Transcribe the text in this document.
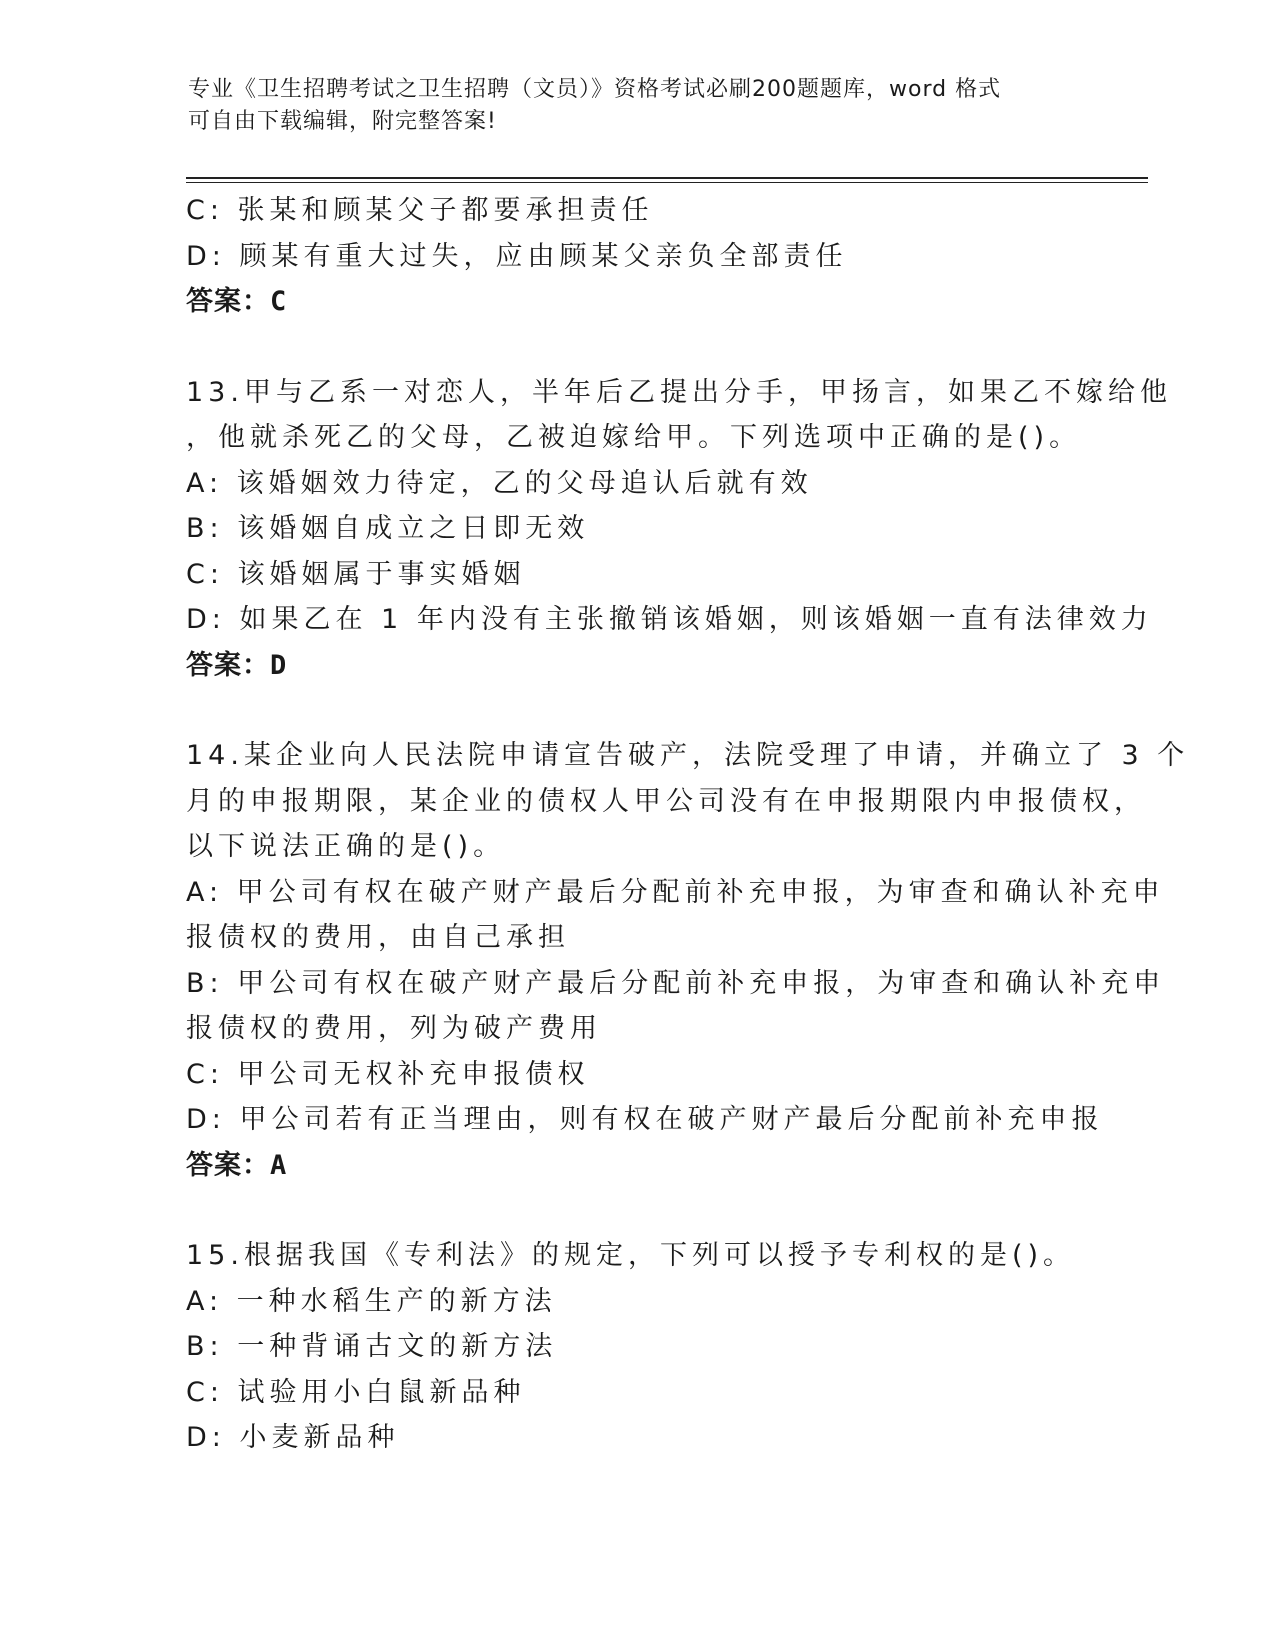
专业《卫生招聘考试之卫生招聘（文员）》资格考试必刷200题题库，word 格式
可自由下载编辑，附完整答案!
C: 张某和顾某父子都要承担责任
D: 顾某有重大过失，应由顾某父亲负全部责任
答案：C
13.甲与乙系一对恋人，半年后乙提出分手，甲扬言，如果乙不嫁给他
，他就杀死乙的父母，乙被迫嫁给甲。下列选项中正确的是()。
A: 该婚姻效力待定，乙的父母追认后就有效
B: 该婚姻自成立之日即无效
C: 该婚姻属于事实婚姻
D: 如果乙在 1 年内没有主张撤销该婚姻，则该婚姻一直有法律效力
答案：D
14.某企业向人民法院申请宣告破产，法院受理了申请，并确立了 3 个
月的申报期限，某企业的债权人甲公司没有在申报期限内申报债权，
以下说法正确的是()。
A: 甲公司有权在破产财产最后分配前补充申报，为审查和确认补充申
报债权的费用，由自己承担
B: 甲公司有权在破产财产最后分配前补充申报，为审查和确认补充申
报债权的费用，列为破产费用
C: 甲公司无权补充申报债权
D: 甲公司若有正当理由，则有权在破产财产最后分配前补充申报
答案：A
15.根据我国《专利法》的规定，下列可以授予专利权的是()。
A: 一种水稻生产的新方法
B: 一种背诵古文的新方法
C: 试验用小白鼠新品种
D: 小麦新品种
